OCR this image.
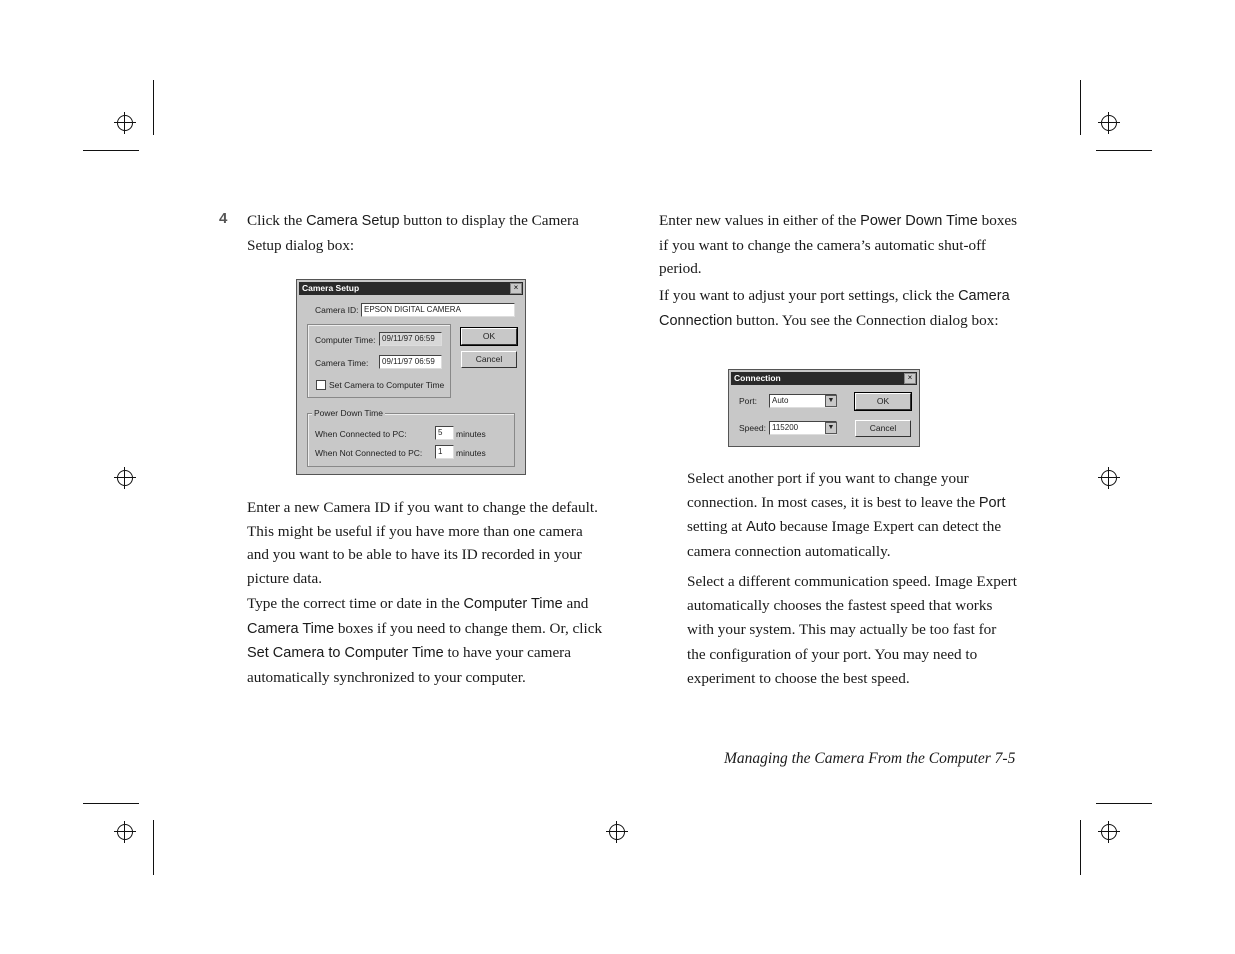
4 Click the Camera Setup button to display the Camera Setup dialog box:

Camera Setup	×
Camera ID: EPSON DIGITAL CAMERA
Computer Time: 09/11/97 06:59
Camera Time:	09/11/97 06:59
Set Camera to Computer Time
OK
Cancel
Power Down Time
When Connected to PC:	5	minutes
When Not Connected to PC:	1	minutes

Enter a new Camera ID if you want to change the default. This might be useful if you have more than one camera and you want to be able to have its ID recorded in your picture data.

Type the correct time or date in the Computer Time and Camera Time boxes if you need to change them. Or, click Set Camera to Computer Time to have your camera automatically synchronized to your computer.

Enter new values in either of the Power Down Time boxes if you want to change the camera’s automatic shut-off period.

If you want to adjust your port settings, click the Camera Connection button. You see the Connection dialog box:

Connection	×
Port:	Auto	▼
Speed: 115200	▼
OK
Cancel

Select another port if you want to change your connection. In most cases, it is best to leave the Port setting at Auto because Image Expert can detect the camera connection automatically.

Select a different communication speed. Image Expert automatically chooses the fastest speed that works with your system. This may actually be too fast for the configuration of your port. You may need to experiment to choose the best speed.

Managing the Camera From the Computer 7-5
